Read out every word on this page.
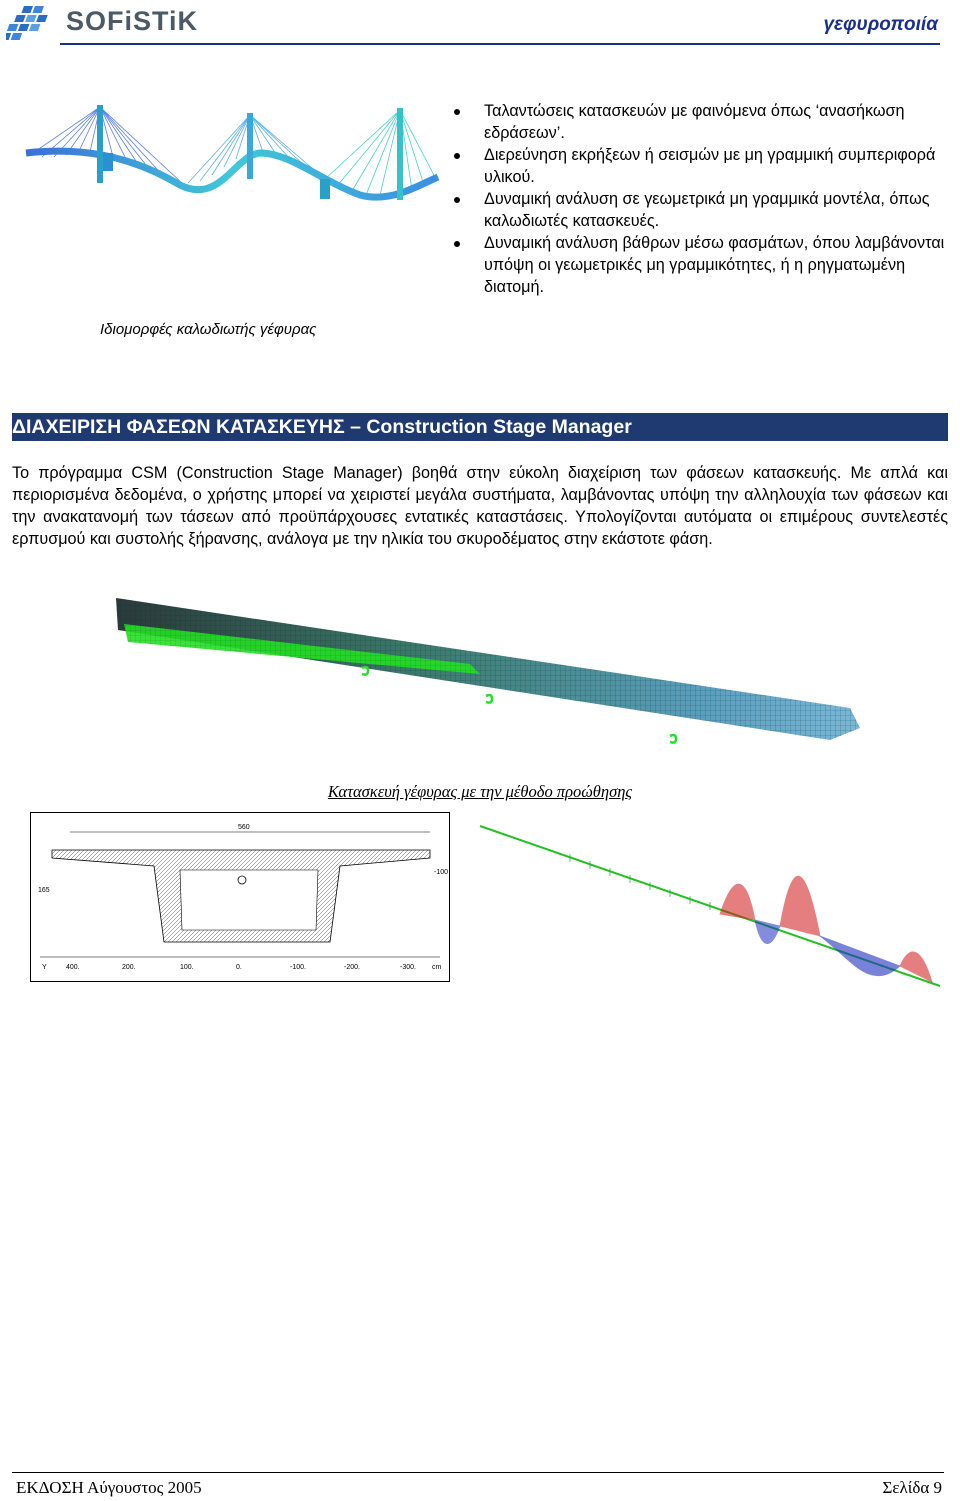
SOFiSTiK	γεφυροποιία
Ιδιομορφές καλωδιωτής γέφυρας
Ταλαντώσεις κατασκευών με φαινόμενα όπως ‘ανασήκωση εδράσεων’.
Διερεύνηση εκρήξεων ή σεισμών με μη γραμμική συμπεριφορά υλικού.
Δυναμική ανάλυση σε γεωμετρικά μη γραμμικά μοντέλα, όπως καλωδιωτές κατασκευές.
Δυναμική ανάλυση βάθρων μέσω φασμάτων, όπου λαμβάνονται υπόψη οι γεωμετρικές μη γραμμικότητες, ή η ρηγματωμένη διατομή.
ΔΙΑΧΕΙΡΙΣΗ ΦΑΣΕΩΝ ΚΑΤΑΣΚΕΥΗΣ – Construction Stage Manager

Το πρόγραμμα CSM (Construction Stage Manager) βοηθά στην εύκολη διαχείριση των φάσεων κατασκευής. Με απλά και περιορισμένα δεδομένα, ο χρήστης μπορεί να χειριστεί μεγάλα συστήματα, λαμβάνοντας υπόψη την αλληλουχία των φάσεων και την ανακατανομή των τάσεων από προϋπάρχουσες εντατικές καταστάσεις. Υπολογίζονται αυτόματα οι επιμέρους συντελεστές ερπυσμού και συστολής ξήρανσης, ανάλογα με την ηλικία του σκυροδέματος στην εκάστοτε φάση.

Κατασκευή γέφυρας με την μέθοδο προώθησης
560
165
-100
Y	400.	200.	100.	0.	-100.	-200.	-300. cm
ΕΚΔΟΣΗ Αύγουστος 2005	Σελίδα 9
